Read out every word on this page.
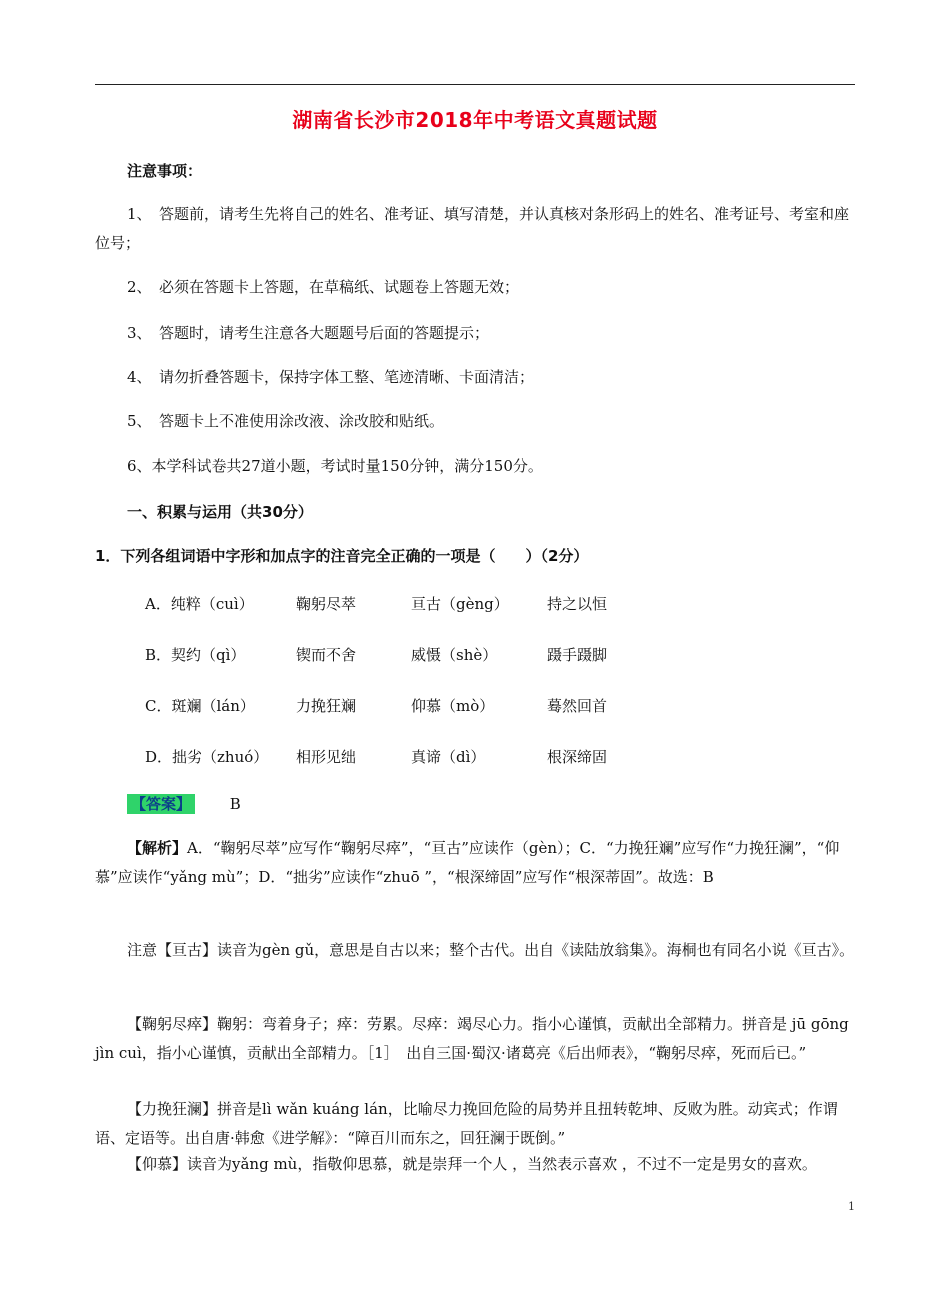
湖南省长沙市2018年中考语文真题试题
注意事项：
1、　答题前，请考生先将自己的姓名、准考证、填写清楚，并认真核对条形码上的姓名、准考证号、考室和座位号；
2、　必须在答题卡上答题，在草稿纸、试题卷上答题无效；
3、　答题时，请考生注意各大题题号后面的答题提示；
4、　请勿折叠答题卡，保持字体工整、笔迹清晰、卡面清洁；
5、　答题卡上不准使用涂改液、涂改胶和贴纸。
6、本学科试卷共27道小题，考试时量150分钟，满分150分。
一、积累与运用（共30分）
1．下列各组词语中字形和加点字的注音完全正确的一项是（　　）（2分）
A．纯粹（cuì）	鞠躬尽萃	亘古（gèng）	持之以恒
B．契约（qì）	锲而不舍	威慑（shè）	蹑手蹑脚
C．斑斓（lán）	力挽狂斓	仰慕（mò）	蓦然回首
D．拙劣（zhuó） 相形见绌	真谛（dì）	根深缔固
【答案】	B
【解析】A．“鞠躬尽萃”应写作“鞠躬尽瘁”，“亘古”应读作（gèn）；C．“力挽狂斓”应写作“力挽狂澜”，“仰慕”应读作“yǎng mù”；D．“拙劣”应读作“zhuō ”，“根深缔固”应写作“根深蒂固”。故选：B
注意【亘古】读音为gèn gǔ，意思是自古以来；整个古代。出自《读陆放翁集》。海桐也有同名小说《亘古》。
【鞠躬尽瘁】鞠躬：弯着身子；瘁：劳累。尽瘁：竭尽心力。指小心谨慎，贡献出全部精力。拼音是 jū gōng jìn cuì，指小心谨慎，贡献出全部精力。［1］　出自三国·蜀汉·诸葛亮《后出师表》，“鞠躬尽瘁，死而后已。”
【力挽狂澜】拼音是lì wǎn kuáng lán，比喻尽力挽回危险的局势并且扭转乾坤、反败为胜。动宾式；作谓语、定语等。出自唐·韩愈《进学解》：“障百川而东之，回狂澜于既倒。”
【仰慕】读音为yǎng mù，指敬仰思慕，就是崇拜一个人 ，当然表示喜欢 ，不过不一定是男女的喜欢。
1
